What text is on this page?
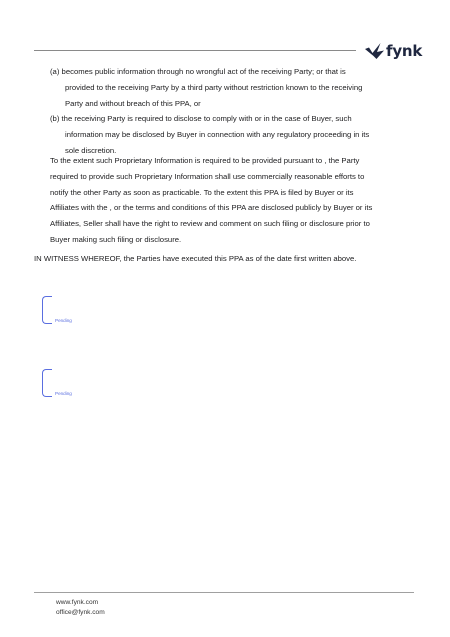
fynk
(a) becomes public information through no wrongful act of the receiving Party; or that is
provided to the receiving Party by a third party without restriction known to the receiving
Party and without breach of this PPA, or
(b) the receiving Party is required to disclose to comply with or in the case of Buyer, such
information may be disclosed by Buyer in connection with any regulatory proceeding in its
sole discretion.
To the extent such Proprietary Information is required to be provided pursuant to , the Party
required to provide such Proprietary Information shall use commercially reasonable efforts to
notify the other Party as soon as practicable. To the extent this PPA is filed by Buyer or its
Affiliates with the , or the terms and conditions of this PPA are disclosed publicly by Buyer or its
Affiliates, Seller shall have the right to review and comment on such filing or disclosure prior to
Buyer making such filing or disclosure.
IN WITNESS WHEREOF, the Parties have executed this PPA as of the date first written above.
Pending
Pending
www.fynk.com
office@fynk.com
